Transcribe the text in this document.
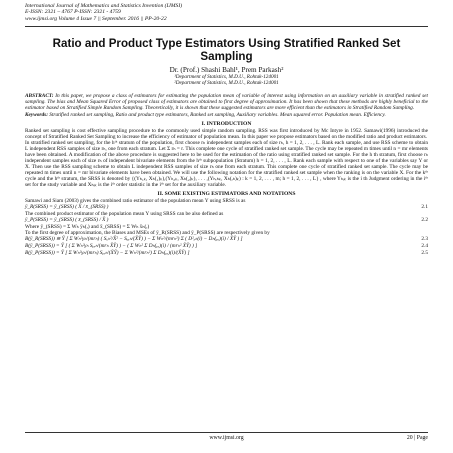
International Journal of Mathematics and Statistics Invention (IJMSI)
E-ISSN: 2321 – 4767 P-ISSN: 2321 - 4759
www.ijmsi.org Volume 4 Issue 7 || September. 2016 || PP-20-22
Ratio and Product Type Estimators Using Stratified Ranked Set Sampling
Dr. (Prof.) Shashi Bahl¹, Prem Parkash²
¹Department of Statistics, M.D.U., Rohtak-124001
²Department of Statistics, M.D.U., Rohtak-124001

ABSTRACT: In this paper, we propose a class of estimators for estimating the population mean of variable of interest using information on an auxiliary variable in stratified ranked set sampling. The bias and Mean Squared Error of proposed class of estimators are obtained to first degree of approximation. It has been shown that these methods are highly beneficial to the estimator based on Stratified Simple Random Sampling. Theoretically, it is shown that these suggested estimators are more efficient than the estimators in Stratified Random Sampling.

Keywords: Stratified ranked set sampling, Ratio and product type estimators, Ranked set sampling, Auxiliary variables. Mean squared error. Population mean. Efficiency.

I. INTRODUCTION

Ranked set sampling is cost effective sampling procedure to the commonly used simple random sampling. RSS was first introduced by Mc Intyre in 1952. Samawi(1996) introduced the concept of Stratified Ranked Set Sampling to increase the efficiency of estimator of population mean. In this paper we propose estimators based on the modified ratio and product estimators.

In stratified ranked set sampling, for the hᵗʰ stratum of the population, first choose rₕ independent samples each of size rₕ, h = 1, 2, . . . , L. Rank each sample, and use RSS scheme to obtain L independent RSS samples of size rₕ, one from each stratum. Let Σ rₕ = r. This complete one cycle of stratified ranked set sample. The cycle may be repeated m times until n = mr elements have been obtained. A modification of the above procedure is suggested here to be used for the estimation of the ratio using stratified ranked set sample. For the h th stratum, first choose rₕ independent samples each of size rₕ of independent bivariate elements from the hᵗʰ subpopulation (Stratum) h = 1, 2, . . . , L. Rank each sample with respect to one of the variables say Y or X. Then use the RSS sampling scheme to obtain L independent RSS samples of size rₕ one from each stratum. This complete one cycle of stratified ranked set sample. The cycle may be repeated m times until n = mr bivariate elements have been obtained. We will use the following notation for the stratified ranked set sample when the ranking is on the variable X. For the kᵗʰ cycle and the hᵗʰ stratum, the SRSS is denoted by {(Yₕ₁ₖ, Xₕ(₁)ₖ),(Yₕ₂ₖ, Xₕ(₂)ₖ), . . . ,(Yₕᵣₕₖ, Xₕ(ᵣₕ)ₖ) : k = 1, 2, . . . , m; h = 1, 2, . . . , L} , where Yₕᵢₖ is the i th Judgment ordering in the iᵗʰ set for the study variable and Xₕᵢₖ is the iᵗʰ order statistic in the iᵗʰ set for the auxiliary variable.

II. SOME EXISTING ESTIMATORS AND NOTATIONS

Samawi and Siam (2003) gives the combined ratio estimator of the population mean Y using SRSS is as

ȳ_R(SRSS) = ȳ_(SRSS) ( X̄ / x̄_(SRSS) )	2.1

The combined product estimator of the population mean Y using SRSS can be also defined as

ȳ_P(SRSS) = ȳ_(SRSS) ( x̄_(SRSS) / X̄ )	2.2

Where ȳ_(SRSS) = Σ Wₕ ȳₕ(ᵣ) and x̄_(SRSS) = Σ Wₕ x̄ₕ(ᵣ)

To the first degree of approximation, the Biases and MSEs of ȳ_R(SRSS) and ȳ_P(SRSS) are respectively given by

B(ȳ_R(SRSS)) ≅ Ȳ [ Σ Wₕ²γₕ/(mrₕ) ( Sₓₕ²/X̄² − Sᵧₓₕ/(X̄Ȳ) ) − Σ Wₕ²/(mrₕ²) Σ ( D²ₓₕ(i) − Dₕ(ᵧₓ)(i) / X̄Ȳ ) ]	2.3
B(ȳ_P(SRSS)) = Ȳ [ ( Σ Wₕ²γₕ Sᵧₓₕ/(mrₕ X̄Ȳ) ) − ( Σ Wₕ² Σ Dₕ(ᵧₓ)(i) / (mrₕ² X̄Ȳ) ) ]	2.4
B(ȳ_P(SRSS)) = Ȳ [ Σ Wₕ²γₕ/(mrₕ) Sᵧₓₕ/(X̄Ȳ) − Σ Wₕ²/(mrₕ²) Σ Dₕ(ᵧₓ)(i)/(X̄Ȳ) ]	2.5
www.ijmsi.org	20 | Page
